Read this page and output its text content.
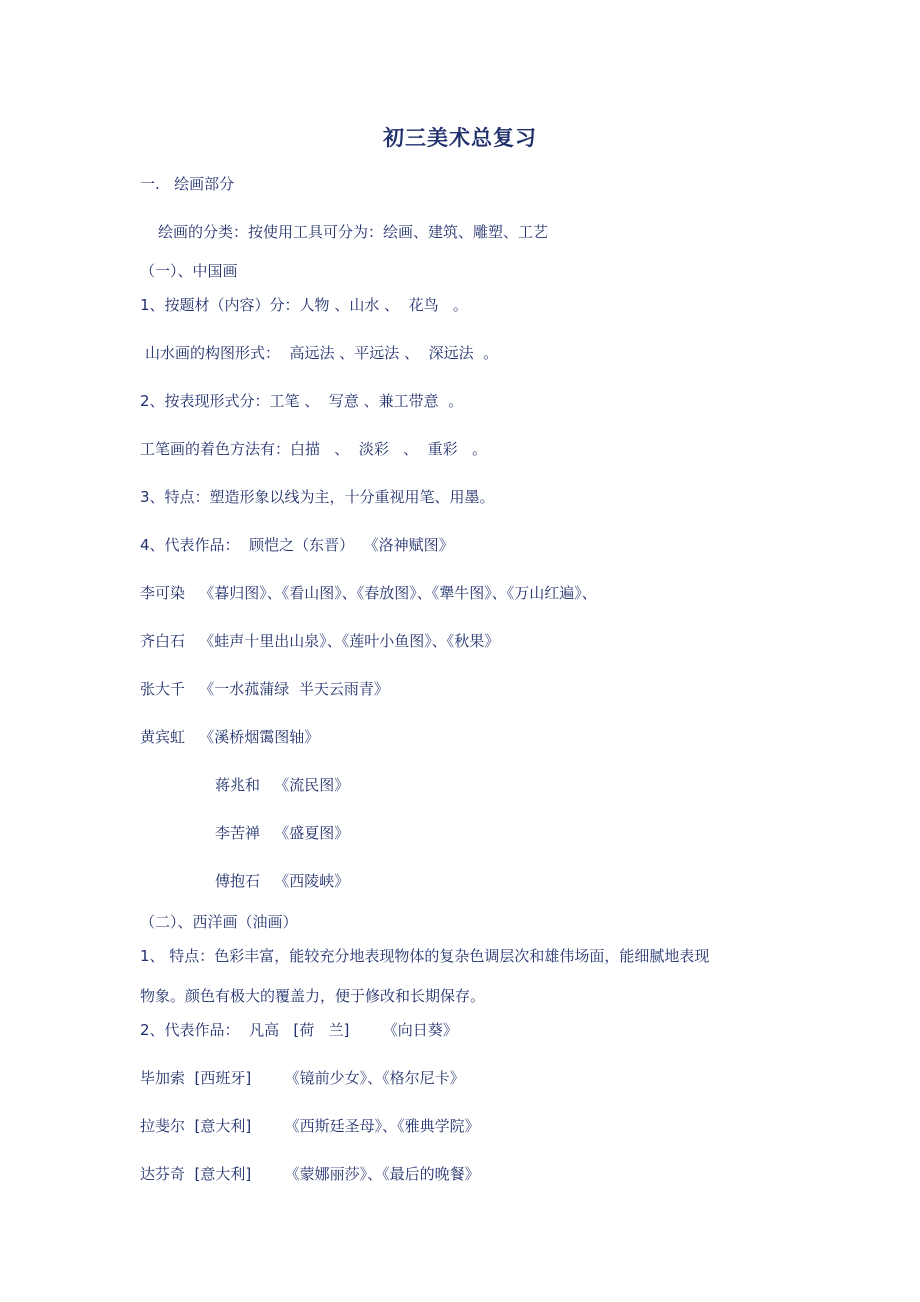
初三美术总复习
一.   绘画部分
绘画的分类：按使用工具可分为：绘画、建筑、雕塑、工艺
（一）、中国画
1、按题材（内容）分：人物 、山水 、  花鸟   。
山水画的构图形式：  高远法 、平远法 、  深远法  。
2、按表现形式分：工笔 、  写意 、兼工带意  。
工笔画的着色方法有：白描   、  淡彩   、  重彩   。
3、特点：塑造形象以线为主，十分重视用笔、用墨。
4、代表作品：  顾恺之（东晋）  《洛神赋图》
李可染   《暮归图》、《看山图》、《春放图》、《犟牛图》、《万山红遍》、
齐白石   《蛙声十里出山泉》、《莲叶小鱼图》、《秋果》
张大千   《一水菰蒲绿  半天云雨青》
黄宾虹   《溪桥烟霭图轴》
蒋兆和   《流民图》
李苦禅   《盛夏图》
傅抱石   《西陵峡》
（二）、西洋画（油画）
1、 特点：色彩丰富，能较充分地表现物体的复杂色调层次和雄伟场面，能细腻地表现
物象。颜色有极大的覆盖力，便于修改和长期保存。
2、代表作品：  凡高   [荷   兰]       《向日葵》
毕加索  [西班牙]       《镜前少女》、《格尔尼卡》
拉斐尔  [意大利]       《西斯廷圣母》、《雅典学院》
达芬奇  [意大利]       《蒙娜丽莎》、《最后的晚餐》
